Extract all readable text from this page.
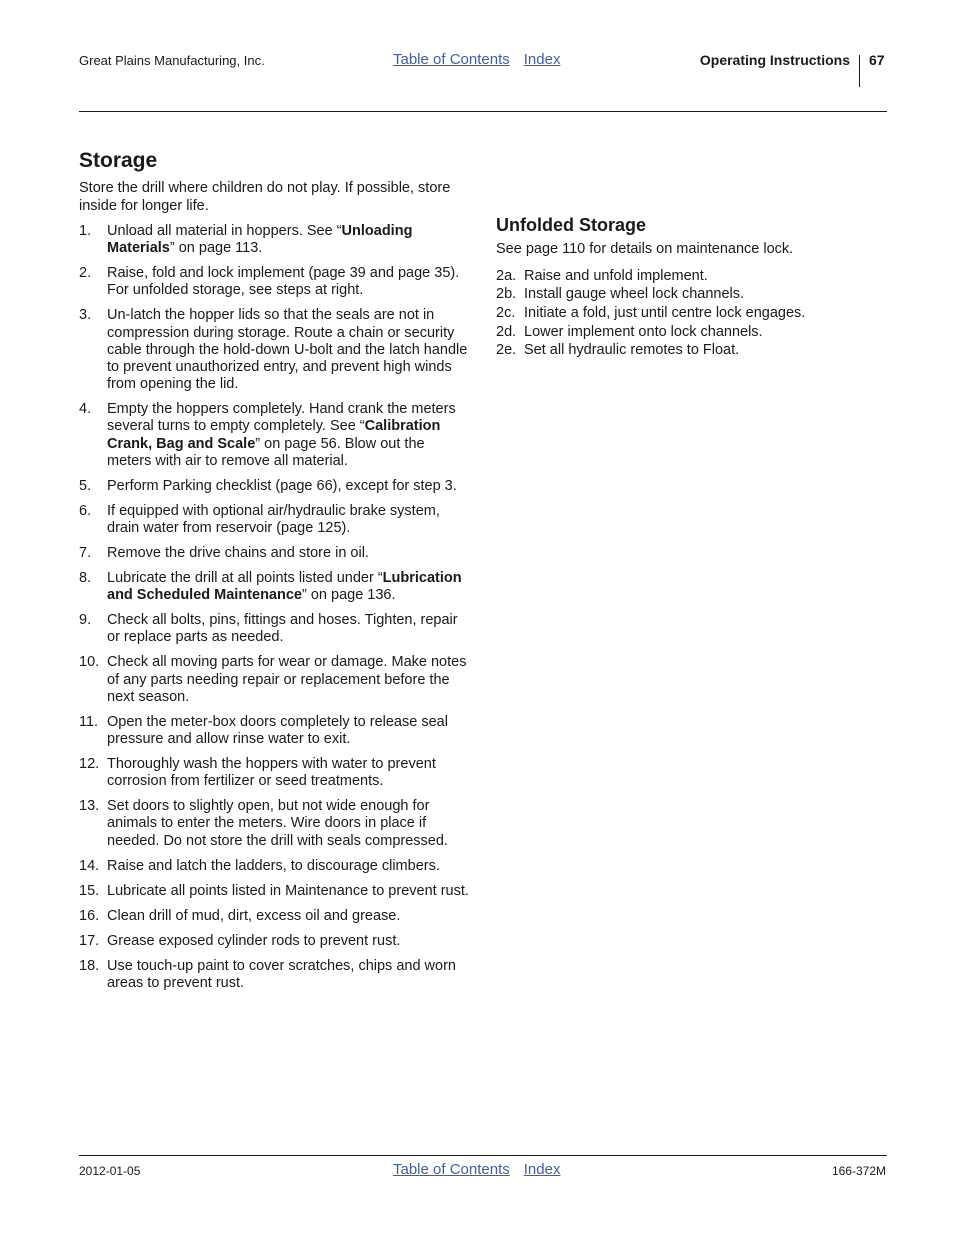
Great Plains Manufacturing, Inc.	Table of Contents Index	Operating Instructions 67
Storage

Store the drill where children do not play. If possible, store inside for longer life.

1. Unload all material in hoppers. See “Unloading Materials” on page 113.
2. Raise, fold and lock implement (page 39 and page 35). For unfolded storage, see steps at right.
3. Un-latch the hopper lids so that the seals are not in compression during storage. Route a chain or security cable through the hold-down U-bolt and the latch handle to prevent unauthorized entry, and prevent high winds from opening the lid.
4. Empty the hoppers completely. Hand crank the meters several turns to empty completely. See “Calibration Crank, Bag and Scale” on page 56. Blow out the meters with air to remove all material.
5. Perform Parking checklist (page 66), except for step 3.
6. If equipped with optional air/hydraulic brake system, drain water from reservoir (page 125).
7. Remove the drive chains and store in oil.
8. Lubricate the drill at all points listed under “Lubrication and Scheduled Maintenance” on page 136.
9. Check all bolts, pins, fittings and hoses. Tighten, repair or replace parts as needed.
10. Check all moving parts for wear or damage. Make notes of any parts needing repair or replacement before the next season.
11. Open the meter-box doors completely to release seal pressure and allow rinse water to exit.
12. Thoroughly wash the hoppers with water to prevent corrosion from fertilizer or seed treatments.
13. Set doors to slightly open, but not wide enough for animals to enter the meters. Wire doors in place if needed. Do not store the drill with seals compressed.
14. Raise and latch the ladders, to discourage climbers.
15. Lubricate all points listed in Maintenance to prevent rust.
16. Clean drill of mud, dirt, excess oil and grease.
17. Grease exposed cylinder rods to prevent rust.
18. Use touch-up paint to cover scratches, chips and worn areas to prevent rust.
Unfolded Storage

See page 110 for details on maintenance lock.

2a. Raise and unfold implement.
2b. Install gauge wheel lock channels.
2c. Initiate a fold, just until centre lock engages.
2d. Lower implement onto lock channels.
2e. Set all hydraulic remotes to Float.
2012-01-05	Table of Contents Index	166-372M
